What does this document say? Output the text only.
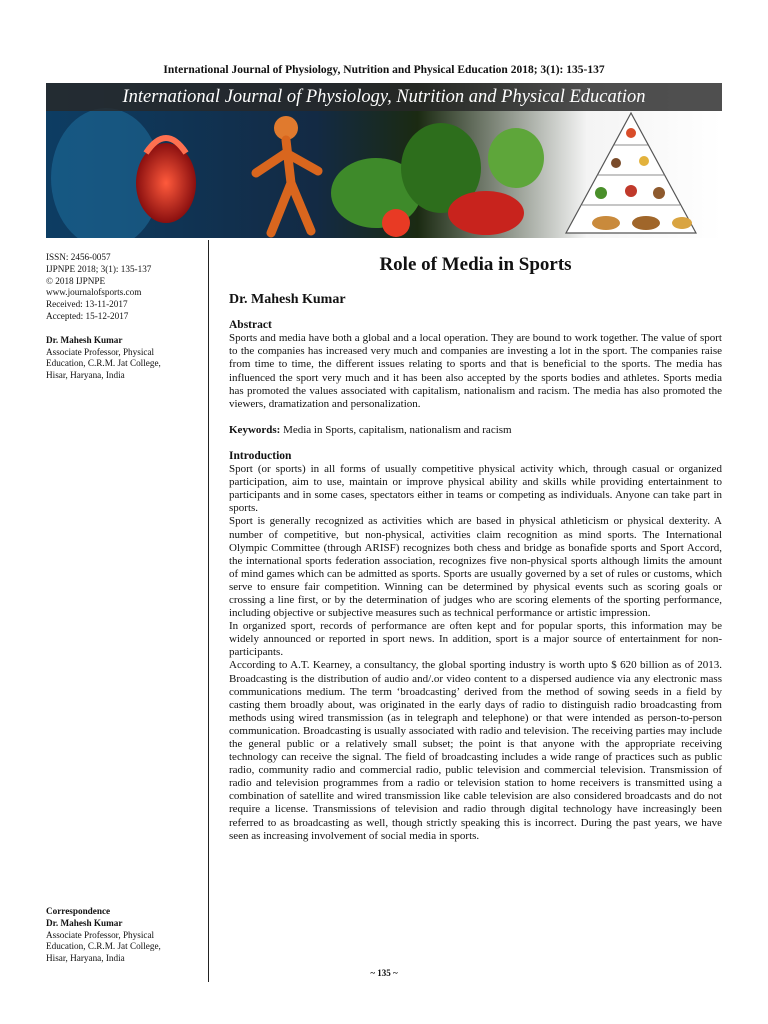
International Journal of Physiology, Nutrition and Physical Education 2018; 3(1): 135-137
International Journal of Physiology, Nutrition and Physical Education
ISSN: 2456-0057
IJPNPE 2018; 3(1): 135-137
© 2018 IJPNPE
www.journalofsports.com
Received: 13-11-2017
Accepted: 15-12-2017
Dr. Mahesh Kumar
Associate Professor, Physical
Education, C.R.M. Jat College,
Hisar, Haryana, India
Correspondence
Dr. Mahesh Kumar
Associate Professor, Physical
Education, C.R.M. Jat College,
Hisar, Haryana, India
Role of Media in Sports
Dr. Mahesh Kumar
Abstract

Sports and media have both a global and a local operation. They are bound to work together. The value of sport to the companies has increased very much and companies are investing a lot in the sport. The companies raise from time to time, the different issues relating to sports and that is beneficial to the sports. The media has influenced the sport very much and it has been also accepted by the sports bodies and athletes. Sports media has promoted the values associated with capitalism, nationalism and racism. The media has also promoted the viewers, dramatization and personalization.

Keywords: Media in Sports, capitalism, nationalism and racism

Introduction

Sport (or sports) in all forms of usually competitive physical activity which, through casual or organized participation, aim to use, maintain or improve physical ability and skills while providing entertainment to participants and in some cases, spectators either in teams or competing as individuals. Anyone can take part in sports.

Sport is generally recognized as activities which are based in physical athleticism or physical dexterity. A number of competitive, but non-physical, activities claim recognition as mind sports. The International Olympic Committee (through ARISF) recognizes both chess and bridge as bonafide sports and Sport Accord, the international sports federation association, recognizes five non-physical sports although limits the amount of mind games which can be admitted as sports. Sports are usually governed by a set of rules or customs, which serve to ensure fair competition. Winning can be determined by physical events such as scoring goals or crossing a line first, or by the determination of judges who are scoring elements of the sporting performance, including objective or subjective measures such as technical performance or artistic impression.

In organized sport, records of performance are often kept and for popular sports, this information may be widely announced or reported in sport news. In addition, sport is a major source of entertainment for non-participants.

According to A.T. Kearney, a consultancy, the global sporting industry is worth upto $ 620 billion as of 2013. Broadcasting is the distribution of audio and/.or video content to a dispersed audience via any electronic mass communications medium. The term ‘broadcasting’ derived from the method of sowing seeds in a field by casting them broadly about, was originated in the early days of radio to distinguish radio broadcasting from methods using wired transmission (as in telegraph and telephone) or that were intended as person-to-person communication. Broadcasting is usually associated with radio and television. The receiving parties may include the general public or a relatively small subset; the point is that anyone with the appropriate receiving technology can receive the signal. The field of broadcasting includes a wide range of practices such as public radio, community radio and commercial radio, public television and commercial television. Transmission of radio and television programmes from a radio or television station to home receivers is transmitted using a combination of satellite and wired transmission like cable television are also considered broadcasts and do not require a license. Transmissions of television and radio through digital technology have increasingly been referred to as broadcasting as well, though strictly speaking this is incorrect. During the past years, we have seen as increasing involvement of social media in sports.

~ 135 ~
